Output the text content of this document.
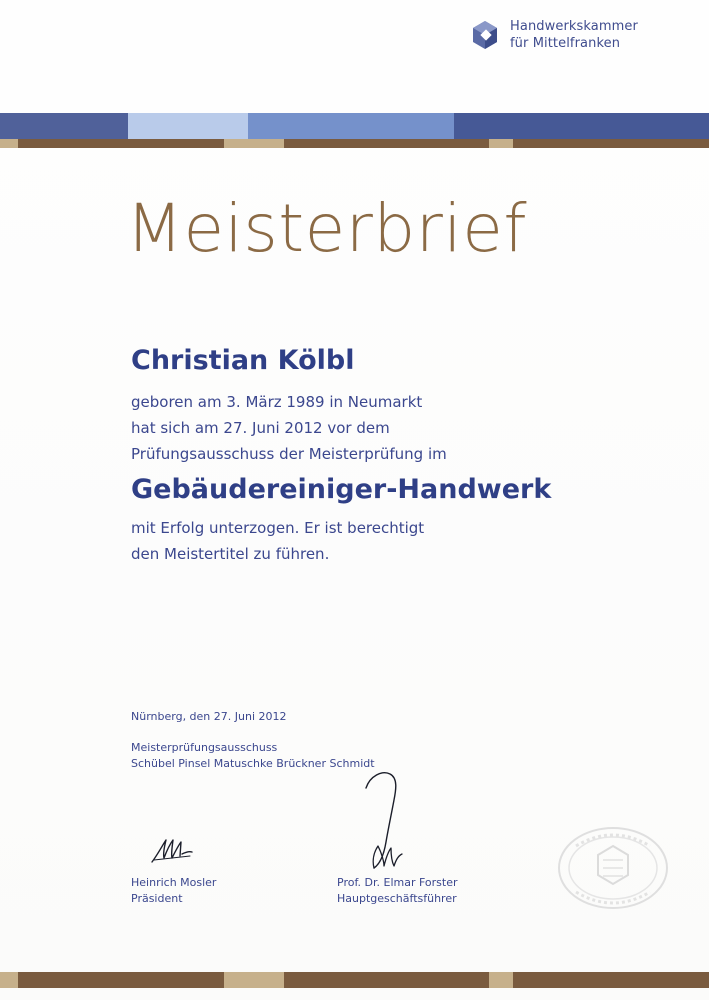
Handwerkskammer
für Mittelfranken
Meisterbrief
Christian Kölbl
geboren am 3. März 1989 in Neumarkt
hat sich am 27. Juni 2012 vor dem
Prüfungsausschuss der Meisterprüfung im
Gebäudereiniger-Handwerk
mit Erfolg unterzogen. Er ist berechtigt
den Meistertitel zu führen.
Nürnberg, den 27. Juni 2012
Meisterprüfungsausschuss
Schübel Pinsel Matuschke Brückner Schmidt
Heinrich Mosler
Präsident
Prof. Dr. Elmar Forster
Hauptgeschäftsführer
